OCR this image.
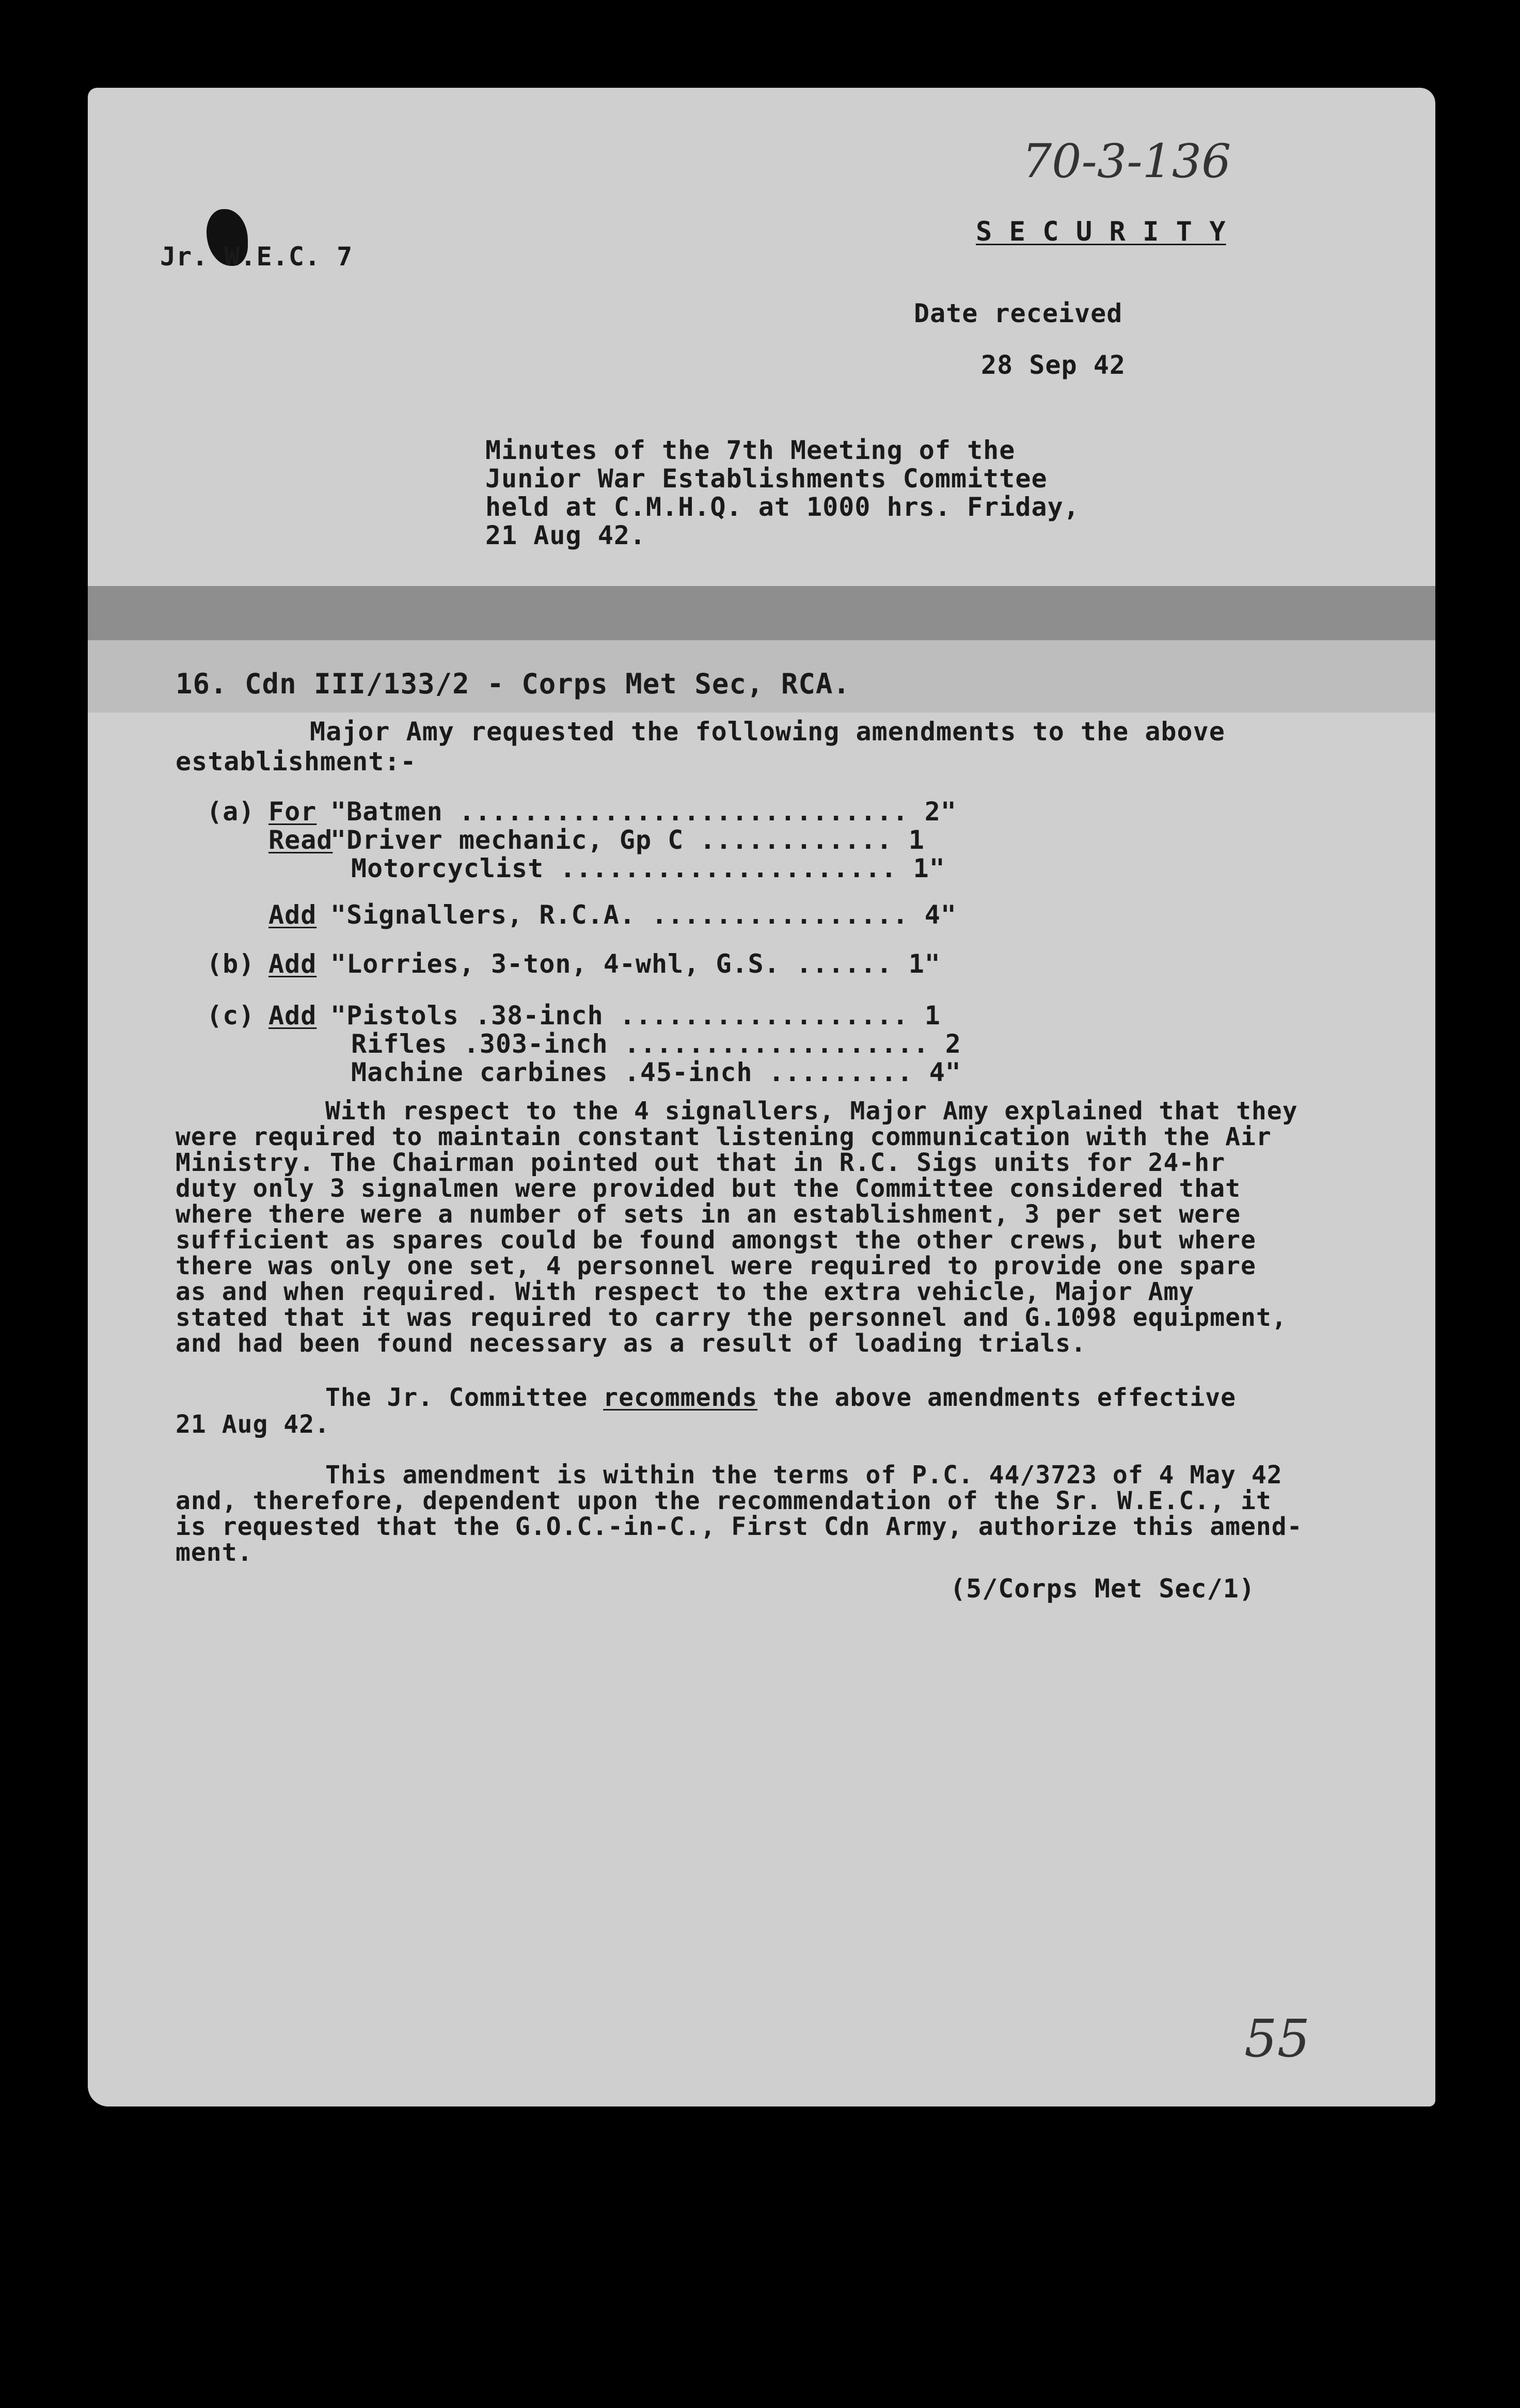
70-3-136
Jr. W.E.C. 7
S E C U R I T Y
Date received
28 Sep 42
Minutes of the 7th Meeting of the
Junior War Establishments Committee
held at C.M.H.Q. at 1000 hrs. Friday,
21 Aug 42.
16. Cdn III/133/2 - Corps Met Sec, RCA.
Major Amy requested the following amendments to the above
establishment:-
(a) For "Batmen ............................ 2"
Read
"Driver mechanic, Gp C ............ 1
Motorcyclist ..................... 1"
Add "Signallers, R.C.A. ................ 4"
(b) Add "Lorries, 3-ton, 4-whl, G.S. ...... 1"
(c) Add "Pistols .38-inch .................. 1
Rifles .303-inch ................... 2
Machine carbines .45-inch ......... 4"
With respect to the 4 signallers, Major Amy explained that they
were required to maintain constant listening communication with the Air
Ministry. The Chairman pointed out that in R.C. Sigs units for 24-hr
duty only 3 signalmen were provided but the Committee considered that
where there were a number of sets in an establishment, 3 per set were
sufficient as spares could be found amongst the other crews, but where
there was only one set, 4 personnel were required to provide one spare
as and when required. With respect to the extra vehicle, Major Amy
stated that it was required to carry the personnel and G.1098 equipment,
and had been found necessary as a result of loading trials.
The Jr. Committee recommends the above amendments effective
21 Aug 42.
This amendment is within the terms of P.C. 44/3723 of 4 May 42
and, therefore, dependent upon the recommendation of the Sr. W.E.C., it
is requested that the G.O.C.-in-C., First Cdn Army, authorize this amend-
ment.
(5/Corps Met Sec/1)
55
